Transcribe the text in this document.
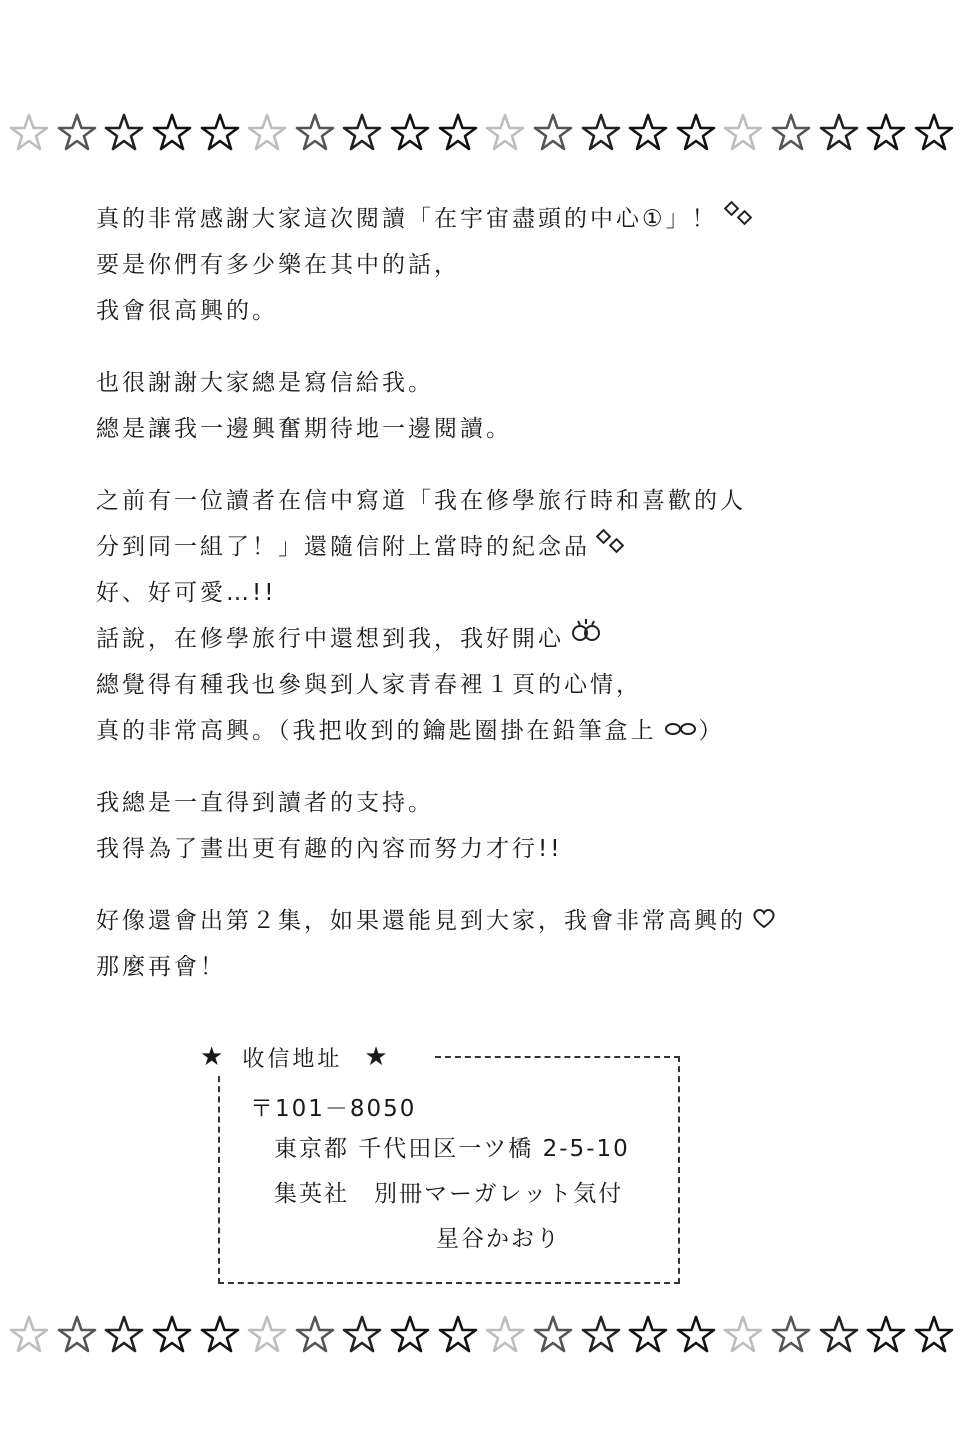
真的非常感謝大家這次閱讀「在宇宙盡頭的中心①」！
要是你們有多少樂在其中的話，
我會很高興的。
也很謝謝大家總是寫信給我。
總是讓我一邊興奮期待地一邊閱讀。
之前有一位讀者在信中寫道「我在修學旅行時和喜歡的人
分到同一組了！」還隨信附上當時的紀念品
好、好可愛…!!
話說，在修學旅行中還想到我，我好開心
總覺得有種我也參與到人家青春裡１頁的心情，
真的非常高興。（我把收到的鑰匙圈掛在鉛筆盒上 ）
我總是一直得到讀者的支持。
我得為了畫出更有趣的內容而努力才行!!
好像還會出第２集，如果還能見到大家，我會非常高興的
那麼再會！
★ 收信地址 ★
〒101－8050
東京都 千代田区一ツ橋 2-5-10
集英社　別冊マーガレット気付
星谷かおり
